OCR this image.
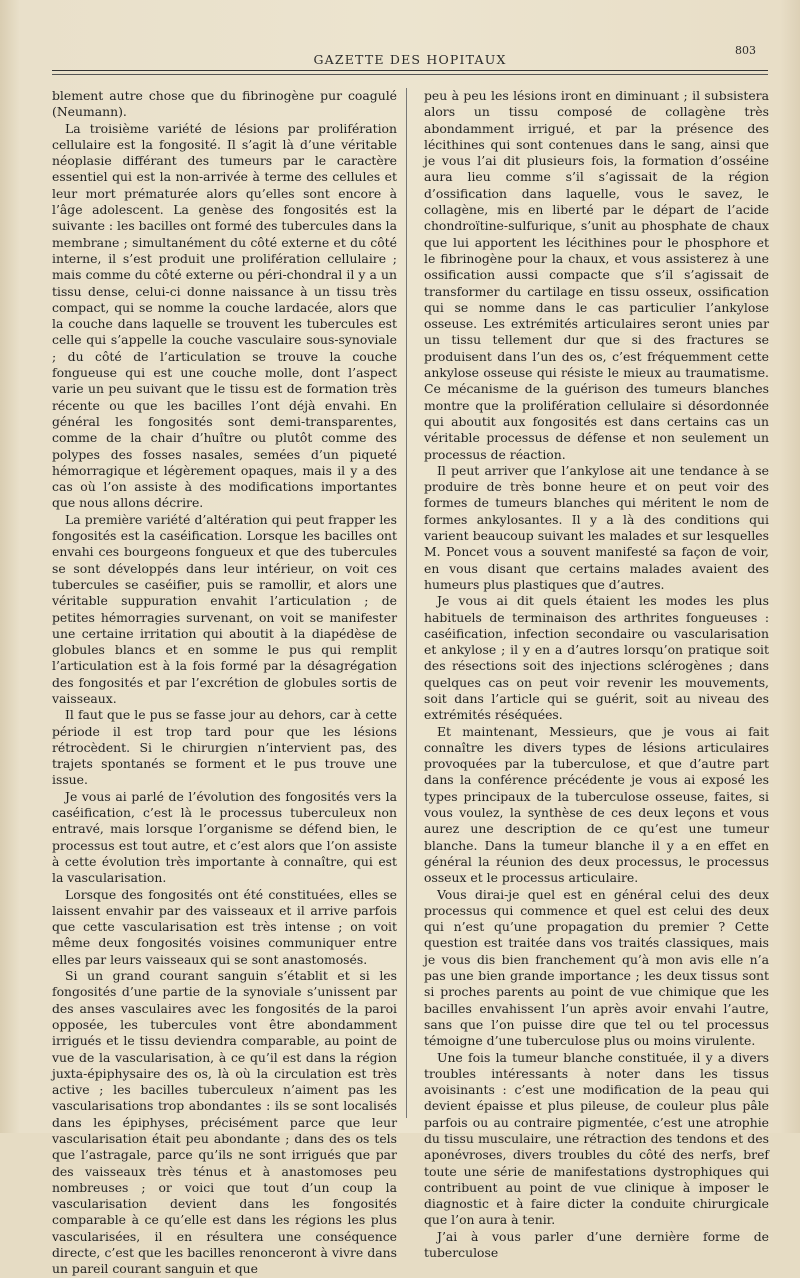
GAZETTE DES HOPITAUX
803

blement autre chose que du fibrinogène pur coagulé (Neumann).

La troisième variété de lésions par prolifération cellulaire est la fongosité. Il s’agit là d’une véritable néoplasie différant des tumeurs par le caractère essentiel qui est la non-arrivée à terme des cellules et leur mort prématurée alors qu’elles sont encore à l’âge adolescent. La genèse des fongosités est la suivante : les bacilles ont formé des tubercules dans la membrane ; simultanément du côté externe et du côté interne, il s’est produit une prolifération cellulaire ; mais comme du côté externe ou péri-chondral il y a un tissu dense, celui-ci donne naissance à un tissu très compact, qui se nomme la couche lardacée, alors que la couche dans laquelle se trouvent les tubercules est celle qui s’appelle la couche vasculaire sous-synoviale ; du côté de l’articulation se trouve la couche fongueuse qui est une couche molle, dont l’aspect varie un peu suivant que le tissu est de formation très récente ou que les bacilles l’ont déjà envahi. En général les fongosités sont demi-transparentes, comme de la chair d’huître ou plutôt comme des polypes des fosses nasales, semées d’un piqueté hémorragique et légèrement opaques, mais il y a des cas où l’on assiste à des modifications importantes que nous allons décrire.

La première variété d’altération qui peut frapper les fongosités est la caséification. Lorsque les bacilles ont envahi ces bourgeons fongueux et que des tubercules se sont développés dans leur intérieur, on voit ces tubercules se caséifier, puis se ramollir, et alors une véritable suppuration envahit l’articulation ; de petites hémorragies survenant, on voit se manifester une certaine irritation qui aboutit à la diapédèse de globules blancs et en somme le pus qui remplit l’articulation est à la fois formé par la désagrégation des fongosités et par l’excrétion de globules sortis de vaisseaux.

Il faut que le pus se fasse jour au dehors, car à cette période il est trop tard pour que les lésions rétrocèdent. Si le chirurgien n’intervient pas, des trajets spontanés se forment et le pus trouve une issue.

Je vous ai parlé de l’évolution des fongosités vers la caséification, c’est là le processus tuberculeux non entravé, mais lorsque l’organisme se défend bien, le processus est tout autre, et c’est alors que l’on assiste à cette évolution très importante à connaître, qui est la vascularisation.

Lorsque des fongosités ont été constituées, elles se laissent envahir par des vaisseaux et il arrive parfois que cette vascularisation est très intense ; on voit même deux fongosités voisines communiquer entre elles par leurs vaisseaux qui se sont anastomosés.

Si un grand courant sanguin s’établit et si les fongosités d’une partie de la synoviale s’unissent par des anses vasculaires avec les fongosités de la paroi opposée, les tubercules vont être abondamment irrigués et le tissu deviendra comparable, au point de vue de la vascularisation, à ce qu’il est dans la région juxta-épiphysaire des os, là où la circulation est très active ; les bacilles tuberculeux n’aiment pas les vascularisations trop abondantes : ils se sont localisés dans les épiphyses, précisément parce que leur vascularisation était peu abondante ; dans des os tels que l’astragale, parce qu’ils ne sont irrigués que par des vaisseaux très ténus et à anastomoses peu nombreuses ; or voici que tout d’un coup la vascularisation devient dans les fongosités comparable à ce qu’elle est dans les régions les plus vascularisées, il en résultera une conséquence directe, c’est que les bacilles renonceront à vivre dans un pareil courant sanguin et que

peu à peu les lésions iront en diminuant ; il subsistera alors un tissu composé de collagène très abondamment irrigué, et par la présence des lécithines qui sont contenues dans le sang, ainsi que je vous l’ai dit plusieurs fois, la formation d’osséine aura lieu comme s’il s’agissait de la région d’ossification dans laquelle, vous le savez, le collagène, mis en liberté par le départ de l’acide chondroïtine-sulfurique, s’unit au phosphate de chaux que lui apportent les lécithines pour le phosphore et le fibrinogène pour la chaux, et vous assisterez à une ossification aussi compacte que s’il s’agissait de transformer du cartilage en tissu osseux, ossification qui se nomme dans le cas particulier l’ankylose osseuse. Les extrémités articulaires seront unies par un tissu tellement dur que si des fractures se produisent dans l’un des os, c’est fréquemment cette ankylose osseuse qui résiste le mieux au traumatisme. Ce mécanisme de la guérison des tumeurs blanches montre que la prolifération cellulaire si désordonnée qui aboutit aux fongosités est dans certains cas un véritable processus de défense et non seulement un processus de réaction.

Il peut arriver que l’ankylose ait une tendance à se produire de très bonne heure et on peut voir des formes de tumeurs blanches qui méritent le nom de formes ankylosantes. Il y a là des conditions qui varient beaucoup suivant les malades et sur lesquelles M. Poncet vous a souvent manifesté sa façon de voir, en vous disant que certains malades avaient des humeurs plus plastiques que d’autres.

Je vous ai dit quels étaient les modes les plus habituels de terminaison des arthrites fongueuses : caséification, infection secondaire ou vascularisation et ankylose ; il y en a d’autres lorsqu’on pratique soit des résections soit des injections sclérogènes ; dans quelques cas on peut voir revenir les mouvements, soit dans l’article qui se guérit, soit au niveau des extrémités réséquées.

Et maintenant, Messieurs, que je vous ai fait connaître les divers types de lésions articulaires provoquées par la tuberculose, et que d’autre part dans la conférence précédente je vous ai exposé les types principaux de la tuberculose osseuse, faites, si vous voulez, la synthèse de ces deux leçons et vous aurez une description de ce qu’est une tumeur blanche. Dans la tumeur blanche il y a en effet en général la réunion des deux processus, le processus osseux et le processus articulaire.

Vous dirai-je quel est en général celui des deux processus qui commence et quel est celui des deux qui n’est qu’une propagation du premier ? Cette question est traitée dans vos traités classiques, mais je vous dis bien franchement qu’à mon avis elle n’a pas une bien grande importance ; les deux tissus sont si proches parents au point de vue chimique que les bacilles envahissent l’un après avoir envahi l’autre, sans que l’on puisse dire que tel ou tel processus témoigne d’une tuberculose plus ou moins virulente.

Une fois la tumeur blanche constituée, il y a divers troubles intéressants à noter dans les tissus avoisinants : c’est une modification de la peau qui devient épaisse et plus pileuse, de couleur plus pâle parfois ou au contraire pigmentée, c’est une atrophie du tissu musculaire, une rétraction des tendons et des aponévroses, divers troubles du côté des nerfs, bref toute une série de manifestations dystrophiques qui contribuent au point de vue clinique à imposer le diagnostic et à faire dicter la conduite chirurgicale que l’on aura à tenir.

J’ai à vous parler d’une dernière forme de tuberculose
